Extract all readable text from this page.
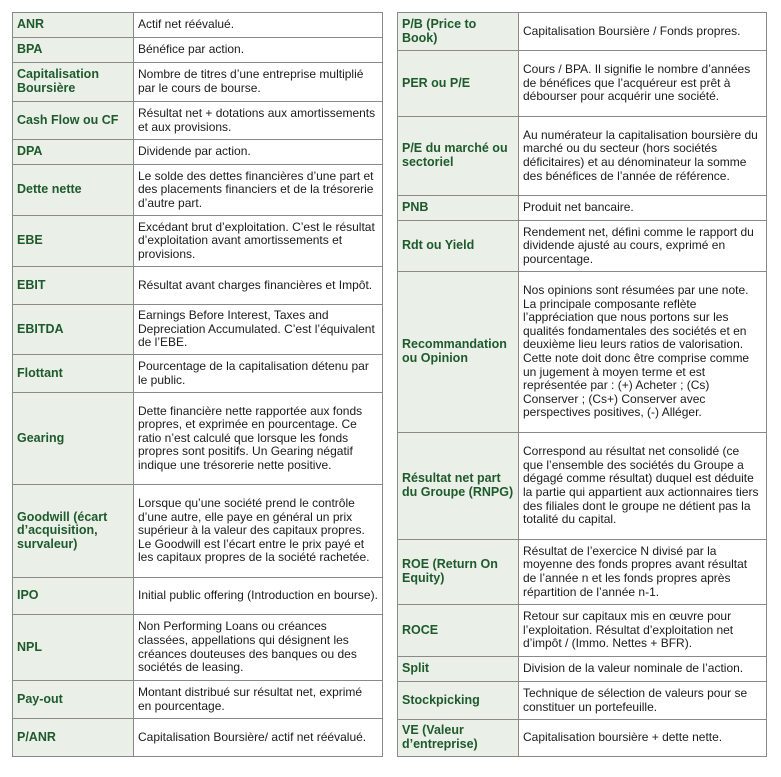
ANR	Actif net réévalué.
BPA	Bénéfice par action.
Capitalisation Boursière	Nombre de titres d’une entreprise multiplié par le cours de bourse.
Cash Flow ou CF	Résultat net + dotations aux amortissements et aux provisions.
DPA	Dividende par action.
Dette nette	Le solde des dettes financières d’une part et des placements financiers et de la trésorerie d’autre part.
EBE	Excédant brut d’exploitation. C’est le résultat d’exploitation avant amortissements et provisions.
EBIT	Résultat avant charges financières et Impôt.
EBITDA	Earnings Before Interest, Taxes and Depreciation Accumulated. C’est l’équivalent de l’EBE.
Flottant	Pourcentage de la capitalisation détenu par le public.
Gearing	Dette financière nette rapportée aux fonds propres, et exprimée en pourcentage. Ce ratio n’est calculé que lorsque les fonds propres sont positifs. Un Gearing négatif indique une trésorerie nette positive.
Goodwill (écart d’acquisition, survaleur)	Lorsque qu’une société prend le contrôle d’une autre, elle paye en général un prix supérieur à la valeur des capitaux propres. Le Goodwill est l’écart entre le prix payé et les capitaux propres de la société rachetée.
IPO	Initial public offering (Introduction en bourse).
NPL	Non Performing Loans ou créances classées, appellations qui désignent les créances douteuses des banques ou des sociétés de leasing.
Pay-out	Montant distribué sur résultat net, exprimé en pourcentage.
P/ANR	Capitalisation Boursière/ actif net réévalué.
P/B (Price to Book)	Capitalisation Boursière / Fonds propres.
PER ou P/E	Cours / BPA. Il signifie le nombre d’années de bénéfices que l’acquéreur est prêt à débourser pour acquérir une société.
P/E du marché ou sectoriel	Au numérateur la capitalisation boursière du marché ou du secteur (hors sociétés déficitaires) et au dénominateur la somme des bénéfices de l’année de référence.
PNB	Produit net bancaire.
Rdt ou Yield	Rendement net, défini comme le rapport du dividende ajusté au cours, exprimé en pourcentage.
Recommandation ou Opinion	Nos opinions sont résumées par une note. La principale composante reflète l’appréciation que nous portons sur les qualités fondamentales des sociétés et en deuxième lieu leurs ratios de valorisation. Cette note doit donc être comprise comme un jugement à moyen terme et est représentée par : (+) Acheter ; (Cs) Conserver ; (Cs+) Conserver avec perspectives positives, (-) Alléger.
Résultat net part du Groupe (RNPG)	Correspond au résultat net consolidé (ce que l’ensemble des sociétés du Groupe a dégagé comme résultat) duquel est déduite la partie qui appartient aux actionnaires tiers des filiales dont le groupe ne détient pas la totalité du capital.
ROE (Return On Equity)	Résultat de l’exercice N divisé par la moyenne des fonds propres avant résultat de l’année n et les fonds propres après répartition de l’année n-1.
ROCE	Retour sur capitaux mis en œuvre pour l’exploitation. Résultat d’exploitation net d’impôt / (Immo. Nettes + BFR).
Split	Division de la valeur nominale de l’action.
Stockpicking	Technique de sélection de valeurs pour se constituer un portefeuille.
VE (Valeur d’entreprise)	Capitalisation boursière + dette nette.
